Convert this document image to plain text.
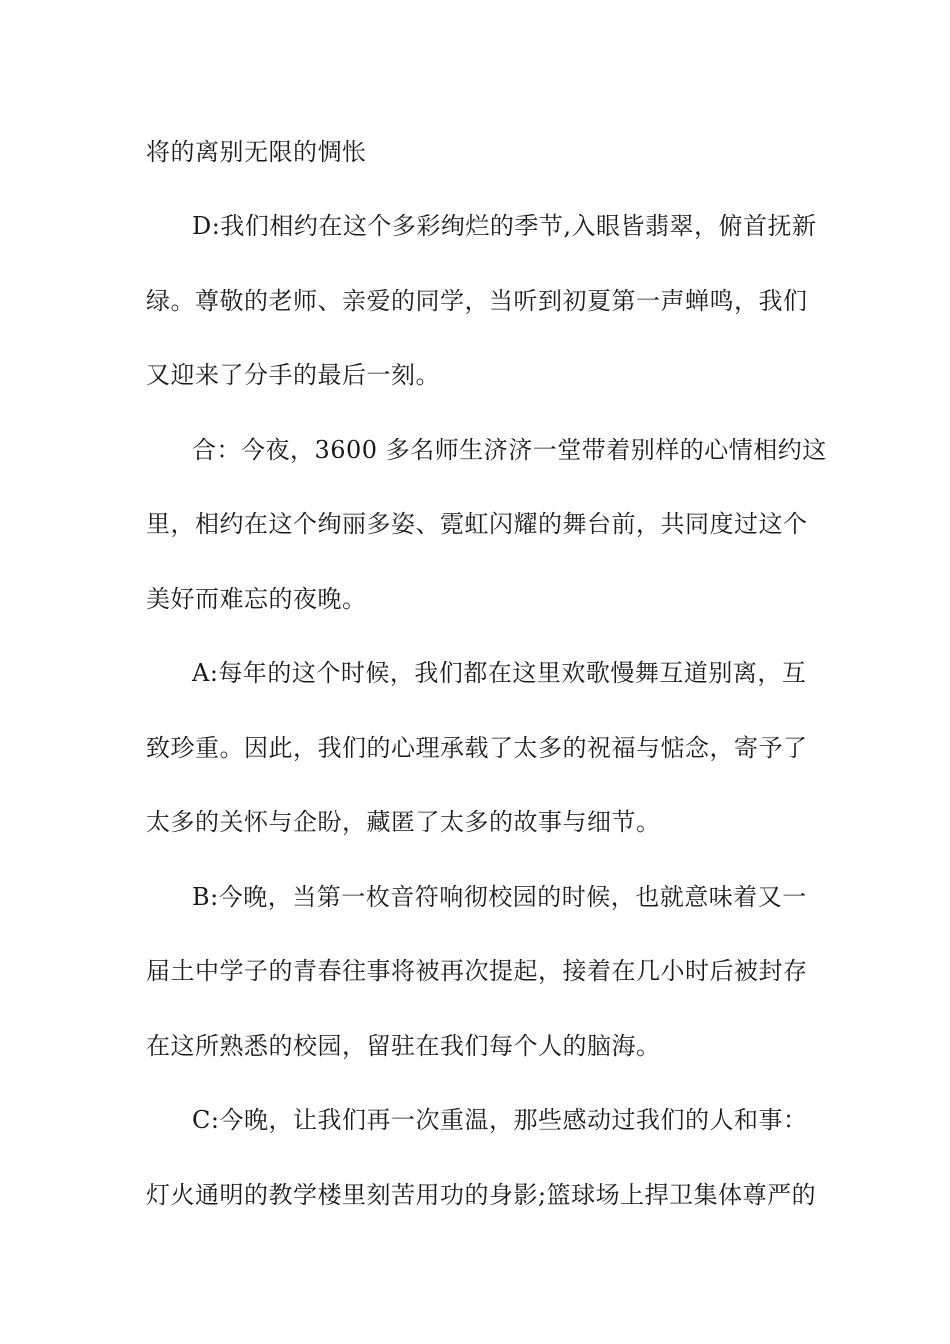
将的离别无限的惆怅
D:我们相约在这个多彩绚烂的季节,入眼皆翡翠，俯首抚新
绿。尊敬的老师、亲爱的同学，当听到初夏第一声蝉鸣，我们
又迎来了分手的最后一刻。
合：今夜，3600 多名师生济济一堂带着别样的心情相约这
里，相约在这个绚丽多姿、霓虹闪耀的舞台前，共同度过这个
美好而难忘的夜晚。
A:每年的这个时候，我们都在这里欢歌慢舞互道别离，互
致珍重。因此，我们的心理承载了太多的祝福与惦念，寄予了
太多的关怀与企盼，藏匿了太多的故事与细节。
B:今晚，当第一枚音符响彻校园的时候，也就意味着又一
届土中学子的青春往事将被再次提起，接着在几小时后被封存
在这所熟悉的校园，留驻在我们每个人的脑海。
C:今晚，让我们再一次重温，那些感动过我们的人和事：
灯火通明的教学楼里刻苦用功的身影;篮球场上捍卫集体尊严的
